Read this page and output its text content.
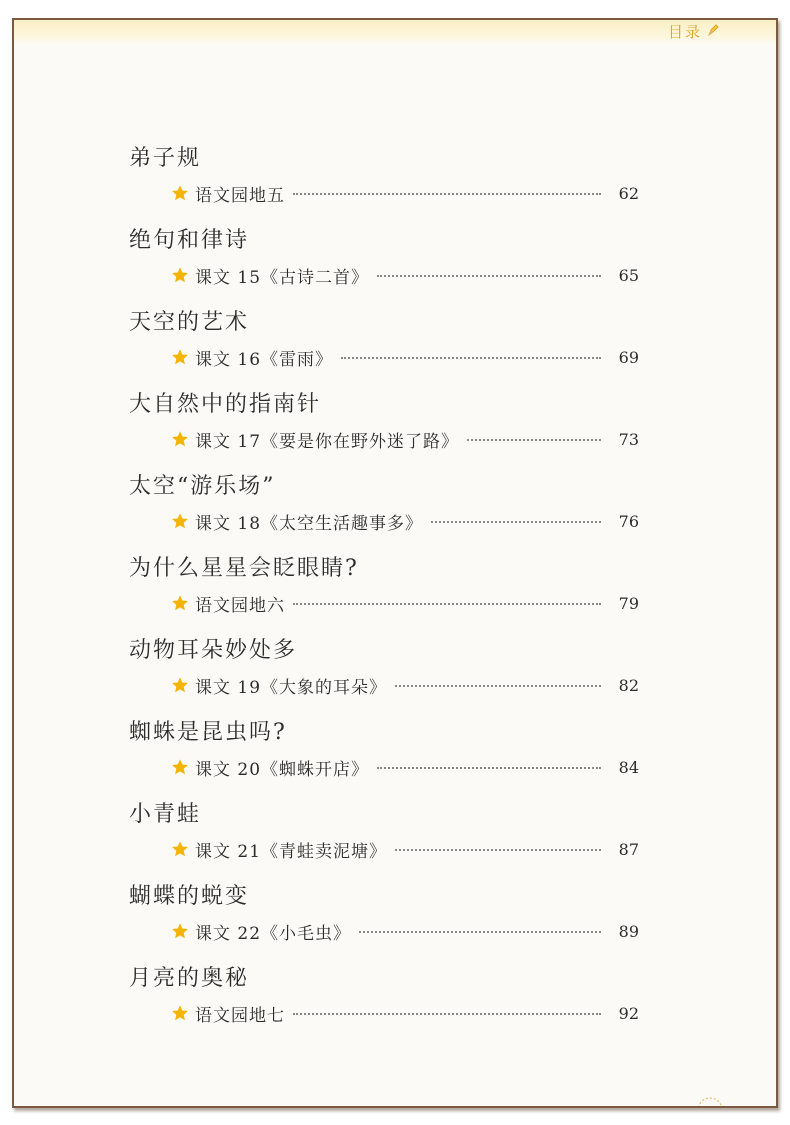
目录
弟子规
语文园地五	62
绝句和律诗
课文 15《古诗二首》	65
天空的艺术
课文 16《雷雨》	69
大自然中的指南针
课文 17《要是你在野外迷了路》	73
太空“游乐场”
课文 18《太空生活趣事多》	76
为什么星星会眨眼睛?
语文园地六	79
动物耳朵妙处多
课文 19《大象的耳朵》	82
蜘蛛是昆虫吗?
课文 20《蜘蛛开店》	84
小青蛙
课文 21《青蛙卖泥塘》	87
蝴蝶的蜕变
课文 22《小毛虫》	89
月亮的奥秘
语文园地七	92
